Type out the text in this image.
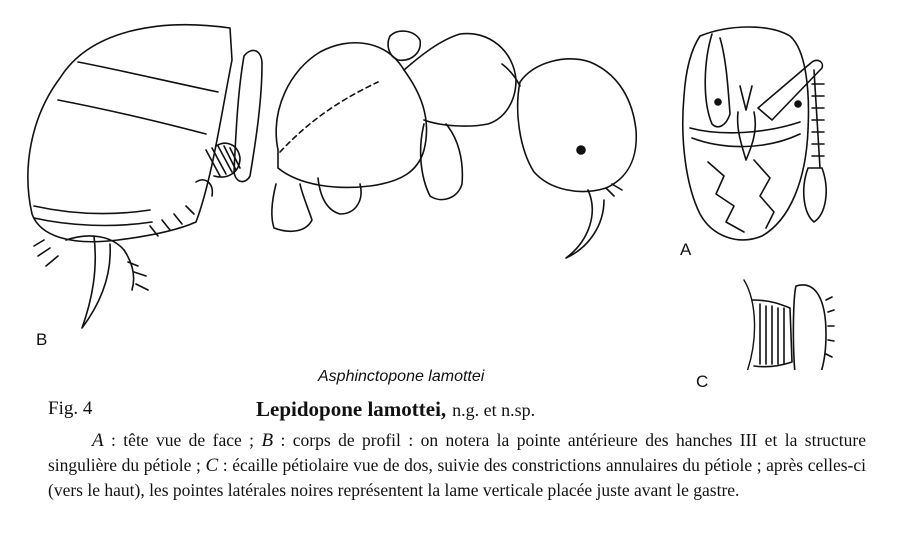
A
B
C
Asphinctopone lamottei
Fig. 4	Lepidopone lamottei, n.g. et n.sp.

A : tête vue de face ; B : corps de profil : on notera la pointe antérieure des hanches III et la structure singulière du pétiole ; C : écaille pétiolaire vue de dos, suivie des constrictions annulaires du pétiole ; après celles-ci (vers le haut), les pointes latérales noires représentent la lame verticale placée juste avant le gastre.
